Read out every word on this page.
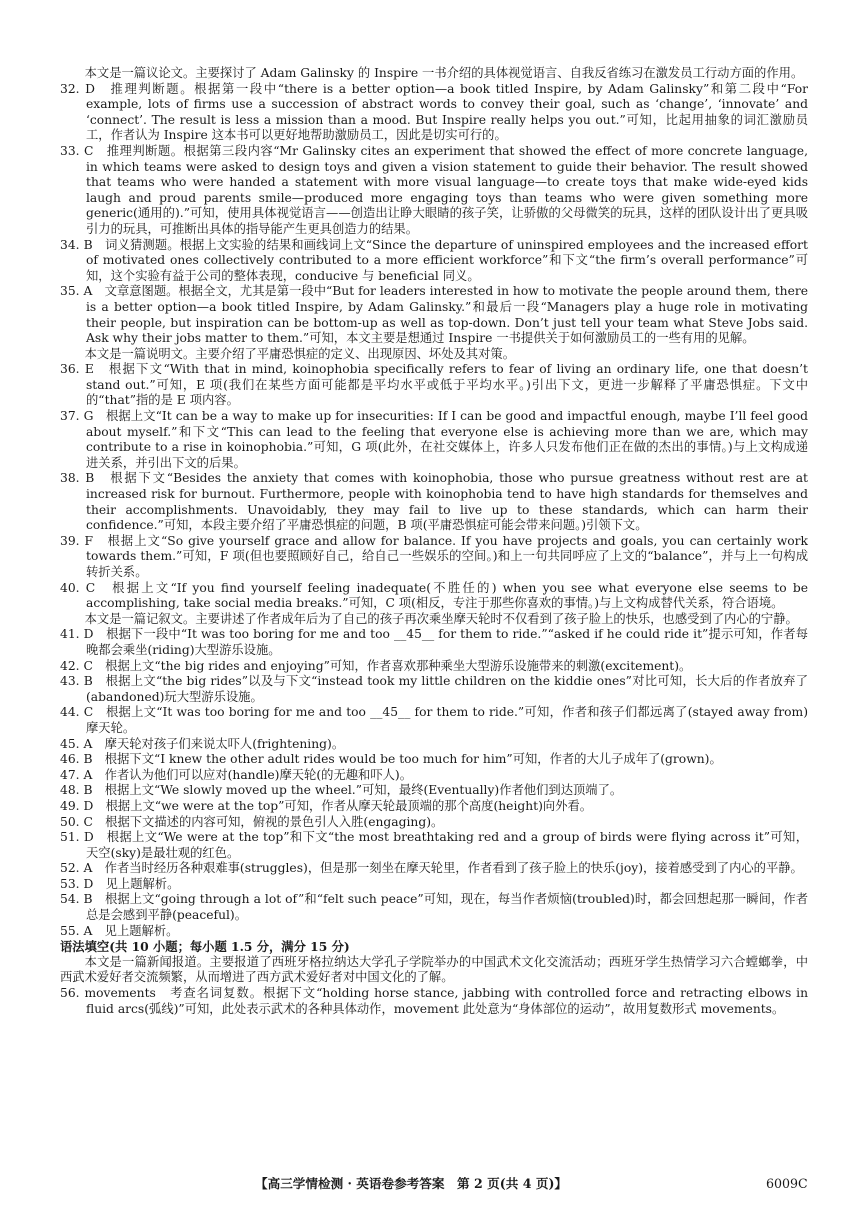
本文是一篇议论文。主要探讨了 Adam Galinsky 的 Inspire 一书介绍的具体视觉语言、自我反省练习在激发员工行动方面的作用。

32. D　推理判断题。根据第一段中“there is a better option—a book titled Inspire, by Adam Galinsky”和第二段中“For example, lots of firms use a succession of abstract words to convey their goal, such as ‘change’, ‘innovate’ and ‘connect’. The result is less a mission than a mood. But Inspire really helps you out.”可知，比起用抽象的词汇激励员工，作者认为 Inspire 这本书可以更好地帮助激励员工，因此是切实可行的。

33. C　推理判断题。根据第三段内容“Mr Galinsky cites an experiment that showed the effect of more concrete language, in which teams were asked to design toys and given a vision statement to guide their behavior. The result showed that teams who were handed a statement with more visual language—to create toys that make wide-eyed kids laugh and proud parents smile—produced more engaging toys than teams who were given something more generic(通用的).”可知，使用具体视觉语言——创造出让睁大眼睛的孩子笑，让骄傲的父母微笑的玩具，这样的团队设计出了更具吸引力的玩具，可推断出具体的指导能产生更具创造力的结果。

34. B　词义猜测题。根据上文实验的结果和画线词上文“Since the departure of uninspired employees and the increased effort of motivated ones collectively contributed to a more efficient workforce”和下文“the firm’s overall performance”可知，这个实验有益于公司的整体表现，conducive 与 beneficial 同义。

35. A　文章意图题。根据全文，尤其是第一段中“But for leaders interested in how to motivate the people around them, there is a better option—a book titled Inspire, by Adam Galinsky.”和最后一段“Managers play a huge role in motivating their people, but inspiration can be bottom-up as well as top-down. Don’t just tell your team what Steve Jobs said. Ask why their jobs matter to them.”可知，本文主要是想通过 Inspire 一书提供关于如何激励员工的一些有用的见解。

本文是一篇说明文。主要介绍了平庸恐惧症的定义、出现原因、坏处及其对策。

36. E　根据下文“With that in mind, koinophobia specifically refers to fear of living an ordinary life, one that doesn’t stand out.”可知，E 项(我们在某些方面可能都是平均水平或低于平均水平。)引出下文，更进一步解释了平庸恐惧症。下文中的“that”指的是 E 项内容。

37. G　根据上文“It can be a way to make up for insecurities: If I can be good and impactful enough, maybe I’ll feel good about myself.”和下文“This can lead to the feeling that everyone else is achieving more than we are, which may contribute to a rise in koinophobia.”可知，G 项(此外，在社交媒体上，许多人只发布他们正在做的杰出的事情。)与上文构成递进关系，并引出下文的后果。

38. B　根据下文“Besides the anxiety that comes with koinophobia, those who pursue greatness without rest are at increased risk for burnout. Furthermore, people with koinophobia tend to have high standards for themselves and their accomplishments. Unavoidably, they may fail to live up to these standards, which can harm their confidence.”可知，本段主要介绍了平庸恐惧症的问题，B 项(平庸恐惧症可能会带来问题。)引领下文。

39. F　根据上文“So give yourself grace and allow for balance. If you have projects and goals, you can certainly work towards them.”可知，F 项(但也要照顾好自己，给自己一些娱乐的空间。)和上一句共同呼应了上文的“balance”，并与上一句构成转折关系。

40. C　根据上文“If you find yourself feeling inadequate(不胜任的) when you see what everyone else seems to be accomplishing, take social media breaks.”可知，C 项(相反，专注于那些你喜欢的事情。)与上文构成替代关系，符合语境。

本文是一篇记叙文。主要讲述了作者成年后为了自己的孩子再次乘坐摩天轮时不仅看到了孩子脸上的快乐，也感受到了内心的宁静。

41. D　根据下一段中“It was too boring for me and too __45__ for them to ride.”“asked if he could ride it”提示可知，作者每晚都会乘坐(riding)大型游乐设施。

42. C　根据上文“the big rides and enjoying”可知，作者喜欢那种乘坐大型游乐设施带来的刺激(excitement)。

43. B　根据上文“the big rides”以及与下文“instead took my little children on the kiddie ones”对比可知，长大后的作者放弃了(abandoned)玩大型游乐设施。

44. C　根据上文“It was too boring for me and too __45__ for them to ride.”可知，作者和孩子们都远离了(stayed away from)摩天轮。

45. A　摩天轮对孩子们来说太吓人(frightening)。

46. B　根据下文“I knew the other adult rides would be too much for him”可知，作者的大儿子成年了(grown)。

47. A　作者认为他们可以应对(handle)摩天轮(的无趣和吓人)。

48. B　根据上文“We slowly moved up the wheel.”可知，最终(Eventually)作者他们到达顶端了。

49. D　根据上文“we were at the top”可知，作者从摩天轮最顶端的那个高度(height)向外看。

50. C　根据下文描述的内容可知，俯视的景色引人入胜(engaging)。

51. D　根据上文“We were at the top”和下文“the most breathtaking red and a group of birds were flying across it”可知，天空(sky)是最壮观的红色。

52. A　作者当时经历各种艰难事(struggles)，但是那一刻坐在摩天轮里，作者看到了孩子脸上的快乐(joy)，接着感受到了内心的平静。

53. D　见上题解析。

54. B　根据上文“going through a lot of”和“felt such peace”可知，现在，每当作者烦恼(troubled)时，都会回想起那一瞬间，作者总是会感到平静(peaceful)。

55. A　见上题解析。

语法填空(共 10 小题；每小题 1.5 分，满分 15 分)

本文是一篇新闻报道。主要报道了西班牙格拉纳达大学孔子学院举办的中国武术文化交流活动；西班牙学生热情学习六合螳螂拳，中西武术爱好者交流频繁，从而增进了西方武术爱好者对中国文化的了解。

56. movements　考查名词复数。根据下文“holding horse stance, jabbing with controlled force and retracting elbows in fluid arcs(弧线)”可知，此处表示武术的各种具体动作，movement 此处意为“身体部位的运动”，故用复数形式 movements。

【高三学情检测 · 英语卷参考答案　第 2 页(共 4 页)】	6009C
